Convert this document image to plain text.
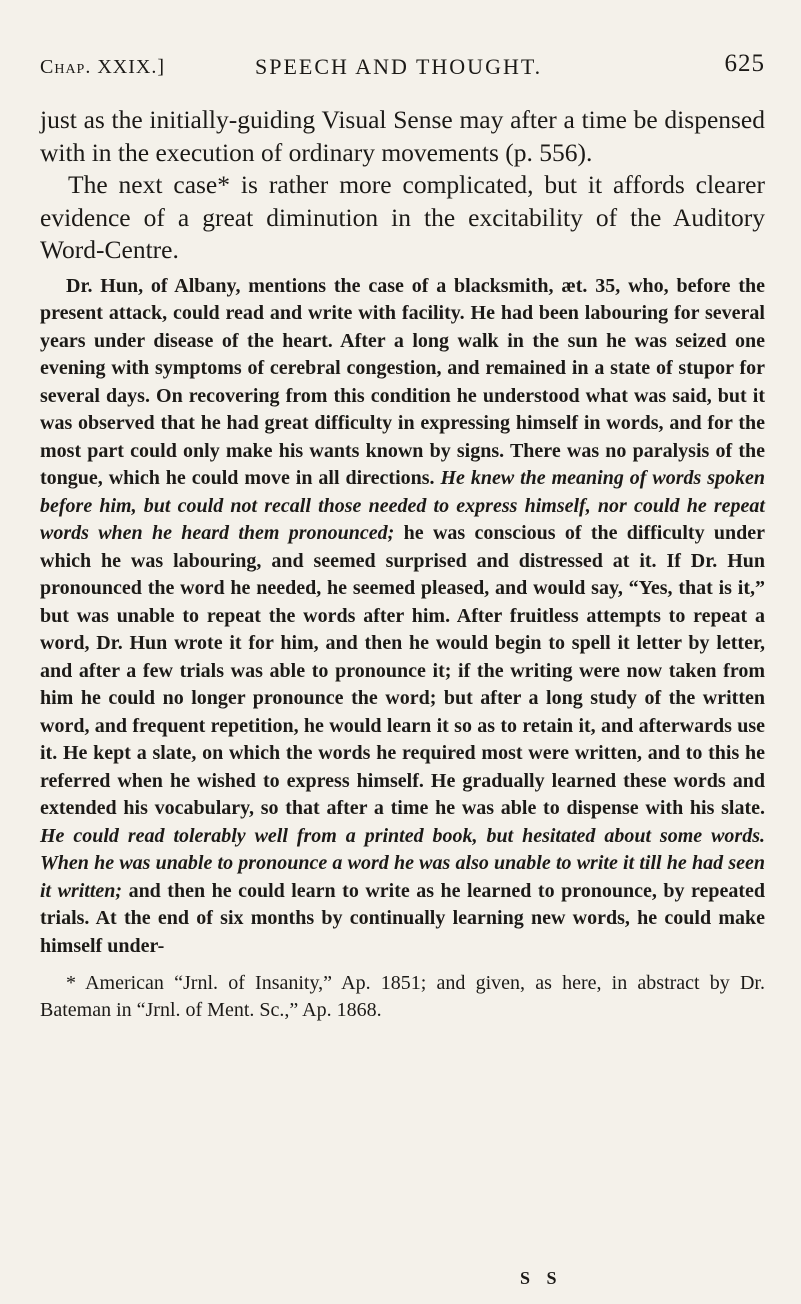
Chap. XXIX.]	SPEECH AND THOUGHT.	625

just as the initially-guiding Visual Sense may after a time be dispensed with in the execution of ordinary movements (p. 556).

The next case* is rather more complicated, but it affords clearer evidence of a great diminution in the excitability of the Auditory Word-Centre.

Dr. Hun, of Albany, mentions the case of a blacksmith, æt. 35, who, before the present attack, could read and write with facility. He had been labouring for several years under disease of the heart. After a long walk in the sun he was seized one evening with symptoms of cerebral congestion, and remained in a state of stupor for several days. On recovering from this condition he understood what was said, but it was observed that he had great difficulty in expressing himself in words, and for the most part could only make his wants known by signs. There was no paralysis of the tongue, which he could move in all directions. He knew the meaning of words spoken before him, but could not recall those needed to express himself, nor could he repeat words when he heard them pronounced; he was conscious of the difficulty under which he was labouring, and seemed surprised and distressed at it. If Dr. Hun pronounced the word he needed, he seemed pleased, and would say, “Yes, that is it,” but was unable to repeat the words after him. After fruitless attempts to repeat a word, Dr. Hun wrote it for him, and then he would begin to spell it letter by letter, and after a few trials was able to pronounce it; if the writing were now taken from him he could no longer pronounce the word; but after a long study of the written word, and frequent repetition, he would learn it so as to retain it, and afterwards use it. He kept a slate, on which the words he required most were written, and to this he referred when he wished to express himself. He gradually learned these words and extended his vocabulary, so that after a time he was able to dispense with his slate. He could read tolerably well from a printed book, but hesitated about some words. When he was unable to pronounce a word he was also unable to write it till he had seen it written; and then he could learn to write as he learned to pronounce, by repeated trials. At the end of six months by continually learning new words, he could make himself under-

* American “Jrnl. of Insanity,” Ap. 1851; and given, as here, in abstract by Dr. Bateman in “Jrnl. of Ment. Sc.,” Ap. 1868.
S S
